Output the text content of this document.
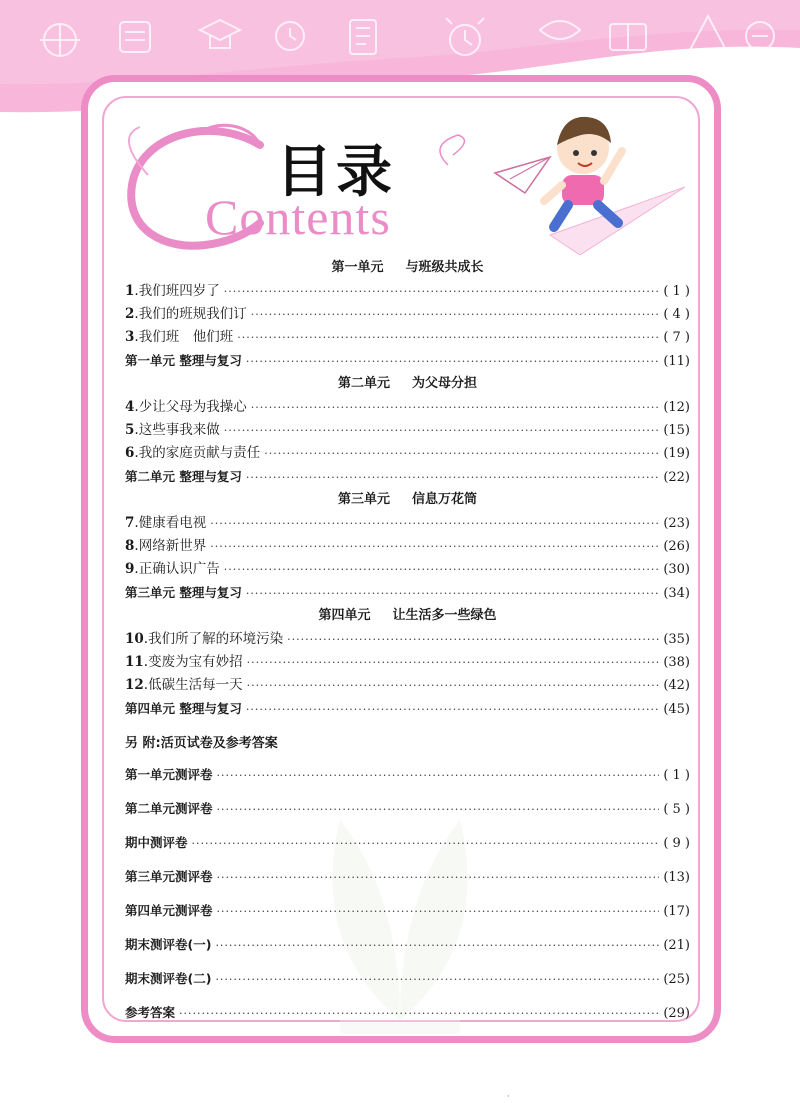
目录
Contents
第一单元 与班级共成长
1 . 我们班四岁了 ·····	( 1 )
2 . 我们的班规我们订 ·····	( 4 )
3 . 我们班　他们班 ·····	( 7 )
第一单元 整理与复习 ·····	(11)
第二单元 为父母分担
4 . 少让父母为我操心 ·····	(12)
5 . 这些事我来做 ·····	(15)
6 . 我的家庭贡献与责任 ·····	(19)
第二单元 整理与复习 ·····	(22)
第三单元 信息万花筒
7 . 健康看电视 ·····	(23)
8 . 网络新世界 ·····	(26)
9 . 正确认识广告 ·····	(30)
第三单元 整理与复习 ·····	(34)
第四单元 让生活多一些绿色
10 . 我们所了解的环境污染 ·····	(35)
11 . 变废为宝有妙招 ·····	(38)
12 . 低碳生活每一天 ·····	(42)
第四单元 整理与复习 ·····	(45)
另 附:活页试卷及参考答案
第一单元测评卷 ·····	( 1 )
第二单元测评卷 ·····	( 5 )
期中测评卷 ·····	( 9 )
第三单元测评卷 ·····	(13)
第四单元测评卷 ·····	(17)
期末测评卷(一) ·····	(21)
期末测评卷(二) ·····	(25)
参考答案 ·····	(29)
·
